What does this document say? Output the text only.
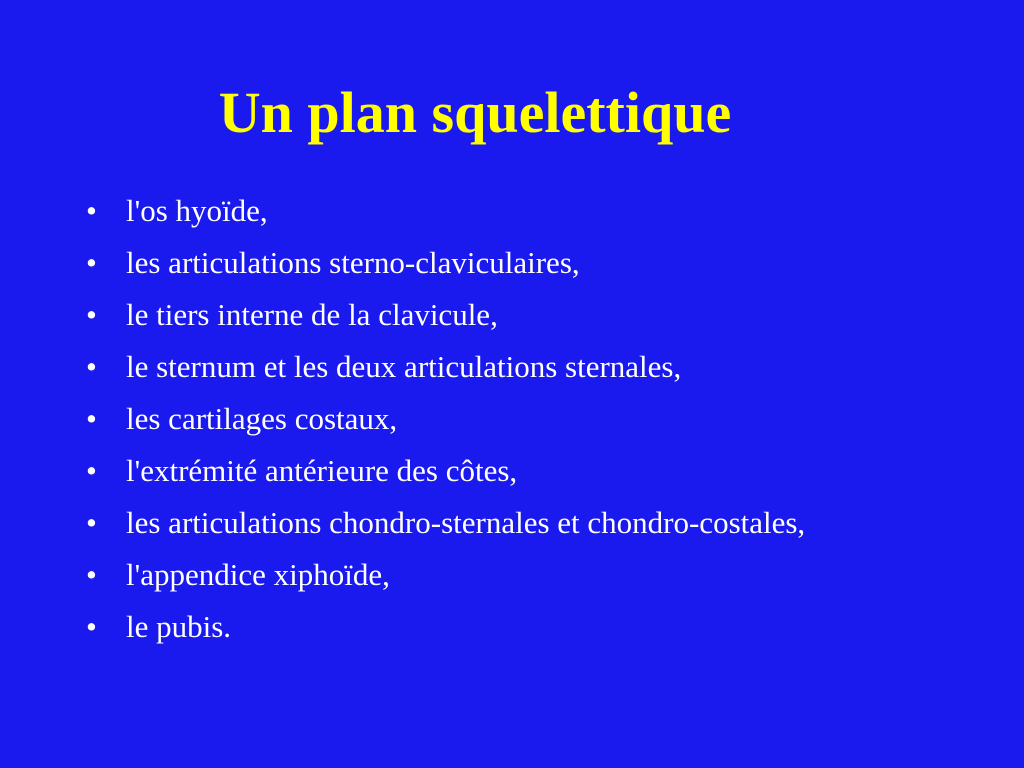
Un plan squelettique
• l'os hyoïde,
• les articulations sterno-claviculaires,
• le tiers interne de la clavicule,
• le sternum et les deux articulations sternales,
• les cartilages costaux,
• l'extrémité antérieure des côtes,
• les articulations chondro-sternales et chondro-costales,
• l'appendice xiphoïde,
• le pubis.
